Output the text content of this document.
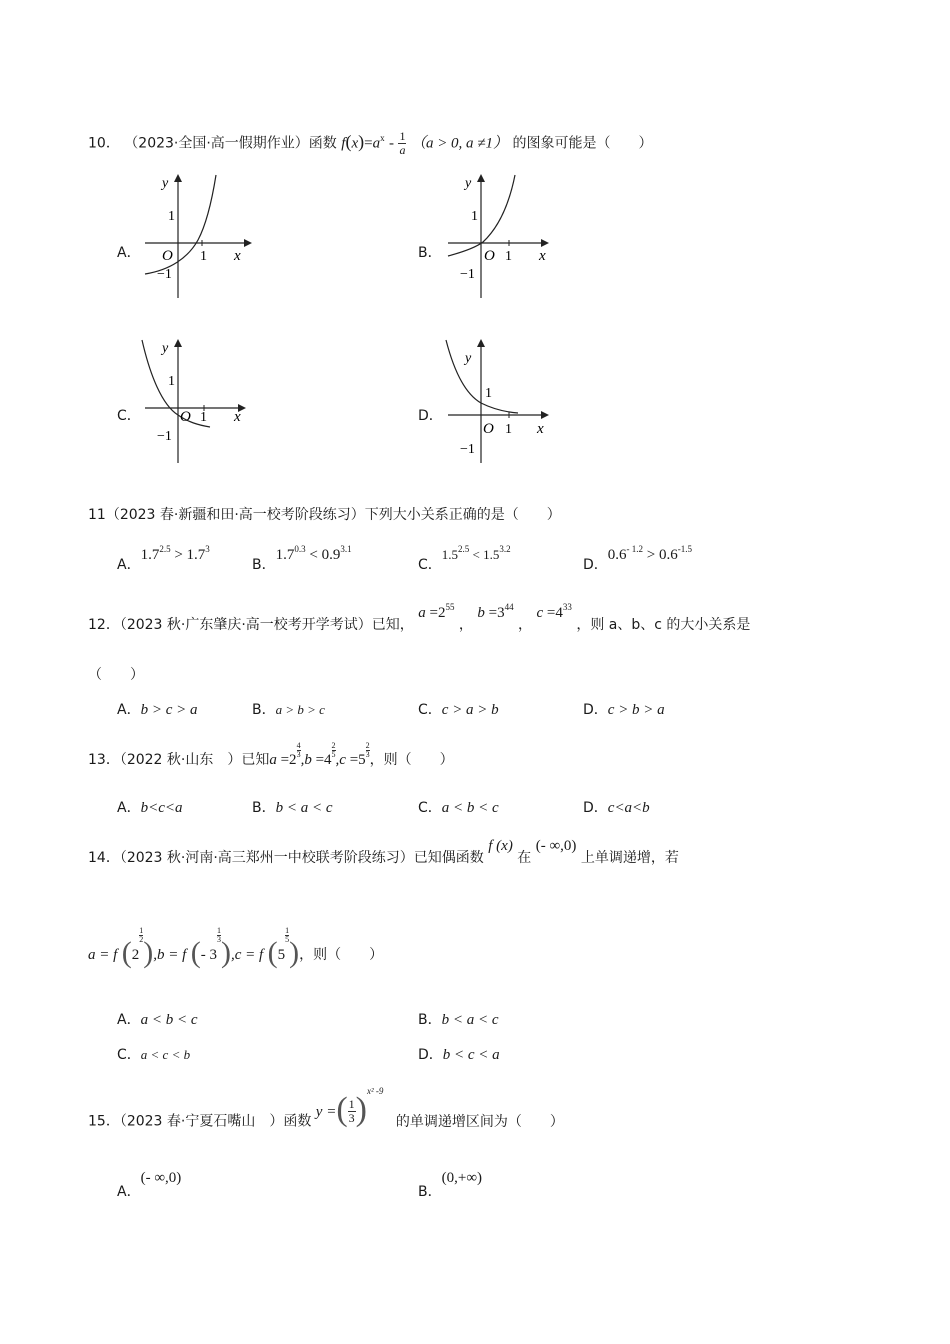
10． （2023·全国·高一假期作业）函数 $f(x)=a^x - \frac{1}{a} (a > 0$, a ≠1） 的图象可能是（　　）
A．
y
1
O 1 x
−1
B．
y
1
O 1 x
−1
C．
y
1
O 1 x
−1
D．
y
1
O 1 x
−1
11（2023 春·新疆和田·高一校考阶段练习）下列大小关系正确的是（　　）
A．$1.7^{2.5} > 1.7^3$
B．$1.7^{0.3} < 0.9^{3.1}$
C．$1.5^{2.5} < 1.5^{3.2}$
D．$0.6^{- 1.2} > 0.6^{-1.5}$
12．（2023 秋·广东肇庆·高一校考开学考试）已知， $a =2^{55}$ ， $b =3^{44}$ ， $c =4^{33}$ ，则 a、b、c 的大小关系是
（　　）
A．b > c > a	B．a > b > c	C．c > a > b	D．c > b > a
13．（2022 秋·山东　）已知a =2
$\frac{4}{3}$
,b =4
$\frac{2}{5}$
,c =5
$\frac{2}{3}$
，则（　　）
A．b<c<a	B．b < a < c	C．a < b < c	D．c<a<b
14．（2023 秋·河南·高三郑州一中校联考阶段练习）已知偶函数 f (x) 在 (- ∞,0) 上单调递增，若
a = f (2
$\frac{1}{2}$
),b = f (- 3
$\frac{1}{3}$
),c = f (5
$\frac{1}{5}$
)，则（　　）
A．a < b < c	B．b < a < c
C．a < c < b	D．b < c < a
15．（2023 春·宁夏石嘴山　）函数 y =( $\frac{1}{3} )^{x^2 -9}$ 的单调递增区间为（　　）
A．(- ∞,0)
B．(0,+∞)
